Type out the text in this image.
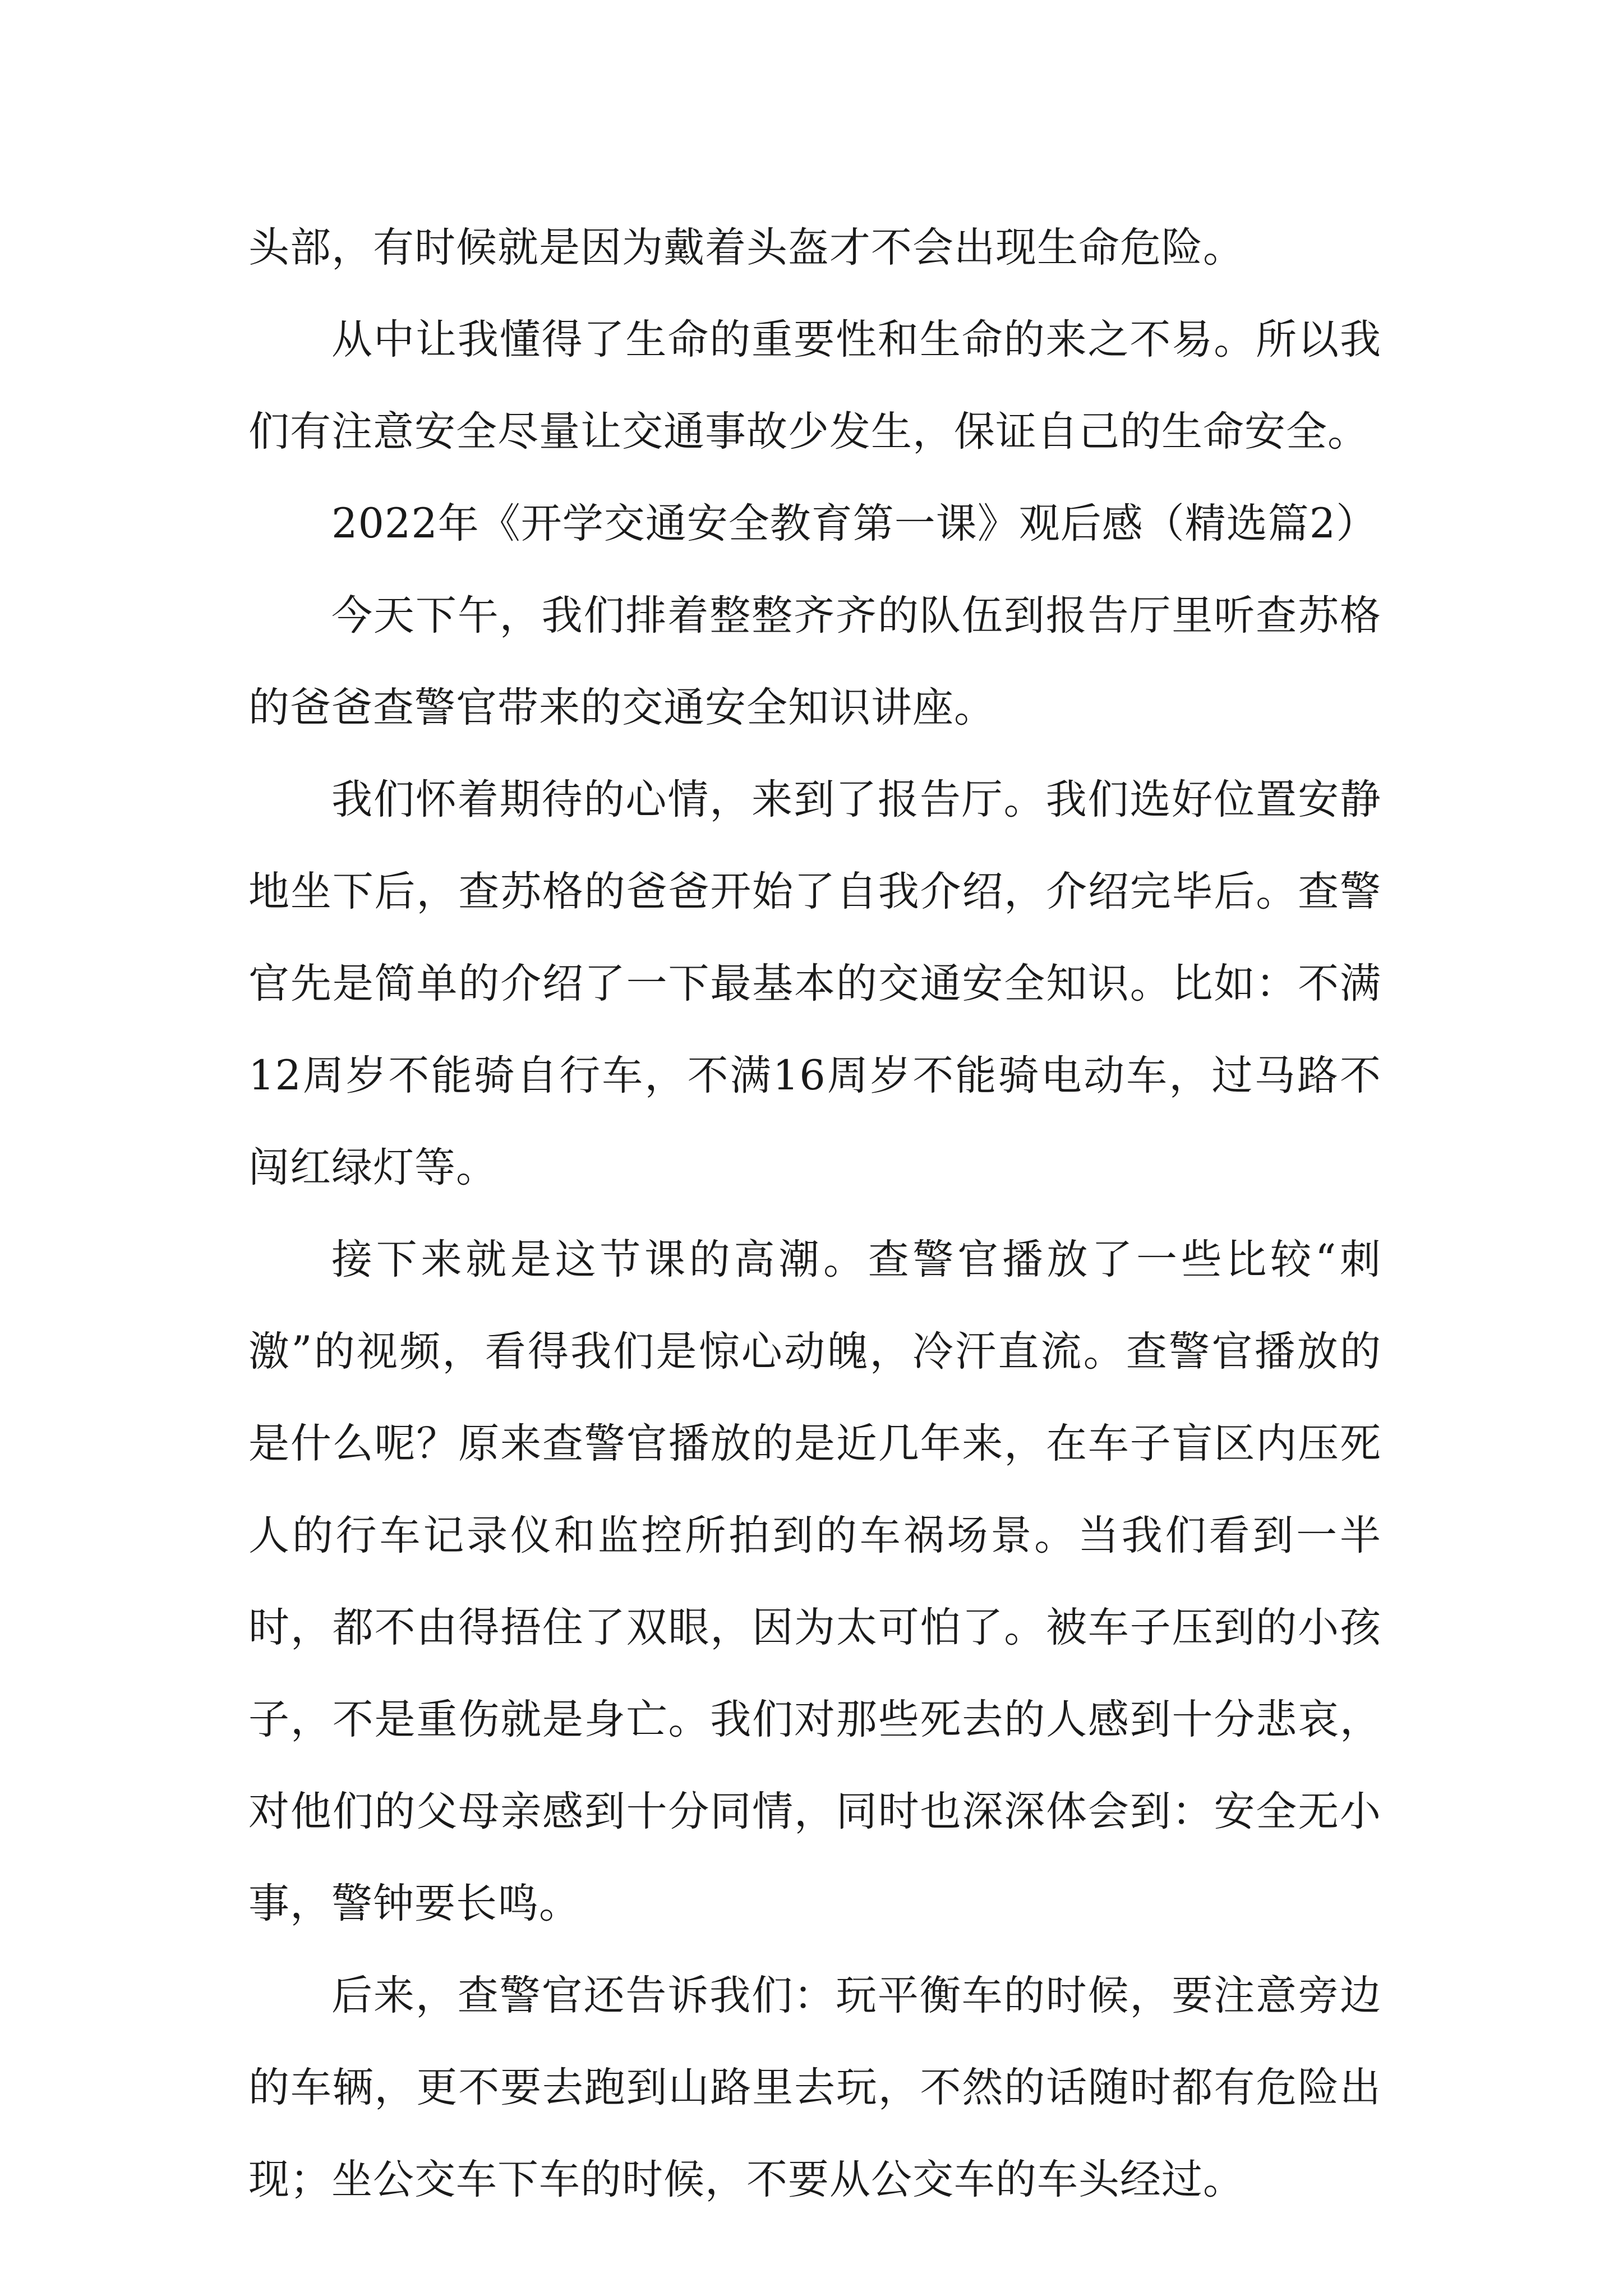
头部，有时候就是因为戴着头盔才不会出现生命危险。

从中让我懂得了生命的重要性和生命的来之不易。所以我们有注意安全尽量让交通事故少发生，保证自己的生命安全。

2022年《开学交通安全教育第一课》观后感（精选篇2）

今天下午，我们排着整整齐齐的队伍到报告厅里听查苏格的爸爸查警官带来的交通安全知识讲座。

我们怀着期待的心情，来到了报告厅。我们选好位置安静地坐下后，查苏格的爸爸开始了自我介绍，介绍完毕后。查警官先是简单的介绍了一下最基本的交通安全知识。比如：不满12周岁不能骑自行车，不满16周岁不能骑电动车，过马路不闯红绿灯等。

接下来就是这节课的高潮。查警官播放了一些比较“刺激”的视频，看得我们是惊心动魄，冷汗直流。查警官播放的是什么呢？原来查警官播放的是近几年来，在车子盲区内压死人的行车记录仪和监控所拍到的车祸场景。当我们看到一半时，都不由得捂住了双眼，因为太可怕了。被车子压到的小孩子，不是重伤就是身亡。我们对那些死去的人感到十分悲哀，对他们的父母亲感到十分同情，同时也深深体会到：安全无小事，警钟要长鸣。

后来，查警官还告诉我们：玩平衡车的时候，要注意旁边的车辆，更不要去跑到山路里去玩，不然的话随时都有危险出现；坐公交车下车的时候，不要从公交车的车头经过。
